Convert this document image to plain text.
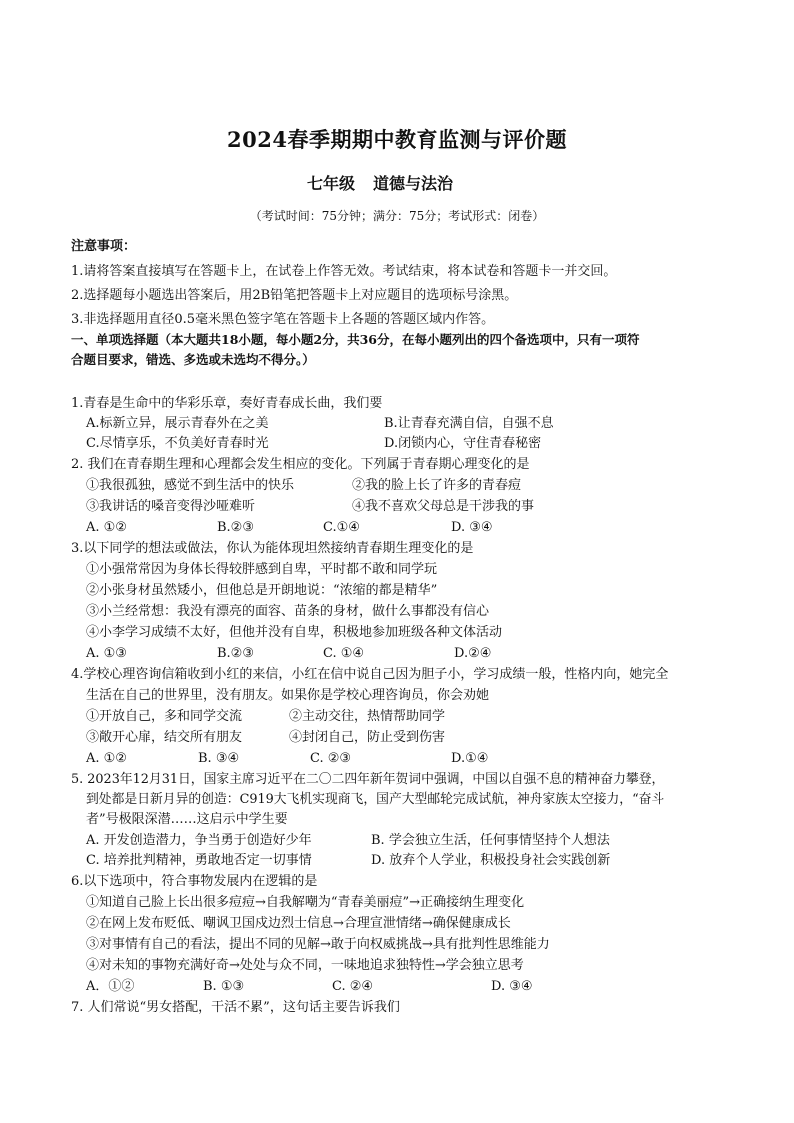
2024春季期期中教育监测与评价题
七年级 道德与法治
（考试时间：75分钟；满分：75分；考试形式：闭卷）
注意事项：
1.请将答案直接填写在答题卡上，在试卷上作答无效。考试结束，将本试卷和答题卡一并交回。
2.选择题每小题选出答案后，用2B铅笔把答题卡上对应题目的选项标号涂黑。
3.非选择题用直径0.5毫米黑色签字笔在答题卡上各题的答题区域内作答。
一、单项选择题（本大题共18小题，每小题2分，共36分，在每小题列出的四个备选项中，只有一项符
合题目要求，错选、多选或未选均不得分。）
1.青春是生命中的华彩乐章，奏好青春成长曲，我们要
A.标新立异，展示青春外在之美	B.让青春充满自信，自强不息
C.尽情享乐，不负美好青春时光	D.闭锁内心，守住青春秘密
2. 我们在青春期生理和心理都会发生相应的变化。下列属于青春期心理变化的是
①我很孤独，感觉不到生活中的快乐	②我的脸上长了许多的青春痘
③我讲话的嗓音变得沙哑难听	④我不喜欢父母总是干涉我的事
A. ①②	B.②③	C.①④	D. ③④
3.以下同学的想法或做法，你认为能体现坦然接纳青春期生理变化的是
①小强常常因为身体长得较胖感到自卑，平时都不敢和同学玩
②小张身材虽然矮小，但他总是开朗地说：“浓缩的都是精华”
③小兰经常想：我没有漂亮的面容、苗条的身材，做什么事都没有信心
④小李学习成绩不太好，但他并没有自卑，积极地参加班级各种文体活动
A. ①③	B.②③	C. ①④	D.②④
4.学校心理咨询信箱收到小红的来信，小红在信中说自己因为胆子小，学习成绩一般，性格内向，她完全
生活在自己的世界里，没有朋友。如果你是学校心理咨询员，你会劝她
①开放自己，多和同学交流	②主动交往，热情帮助同学
③敞开心扉，结交所有朋友	④封闭自己，防止受到伤害
A. ①②	B. ③④	C. ②③	D.①④
5. 2023年12月31日，国家主席习近平在二〇二四年新年贺词中强调，中国以自强不息的精神奋力攀登，
到处都是日新月异的创造：C919大飞机实现商飞，国产大型邮轮完成试航，神舟家族太空接力，“奋斗
者”号极限深潜……这启示中学生要
A. 开发创造潜力，争当勇于创造好少年	B. 学会独立生活，任何事情坚持个人想法
C. 培养批判精神，勇敢地否定一切事情	D. 放弃个人学业，积极投身社会实践创新
6.以下选项中，符合事物发展内在逻辑的是
①知道自己脸上长出很多痘痘→自我解嘲为“青春美丽痘”→正确接纳生理变化
②在网上发布贬低、嘲讽卫国戍边烈士信息→合理宣泄情绪→确保健康成长
③对事情有自己的看法，提出不同的见解→敢于向权威挑战→具有批判性思维能力
④对未知的事物充满好奇→处处与众不同，一味地追求独特性→学会独立思考
A．①②	B. ①③	C. ②④	D. ③④
7. 人们常说“男女搭配，干活不累”，这句话主要告诉我们
